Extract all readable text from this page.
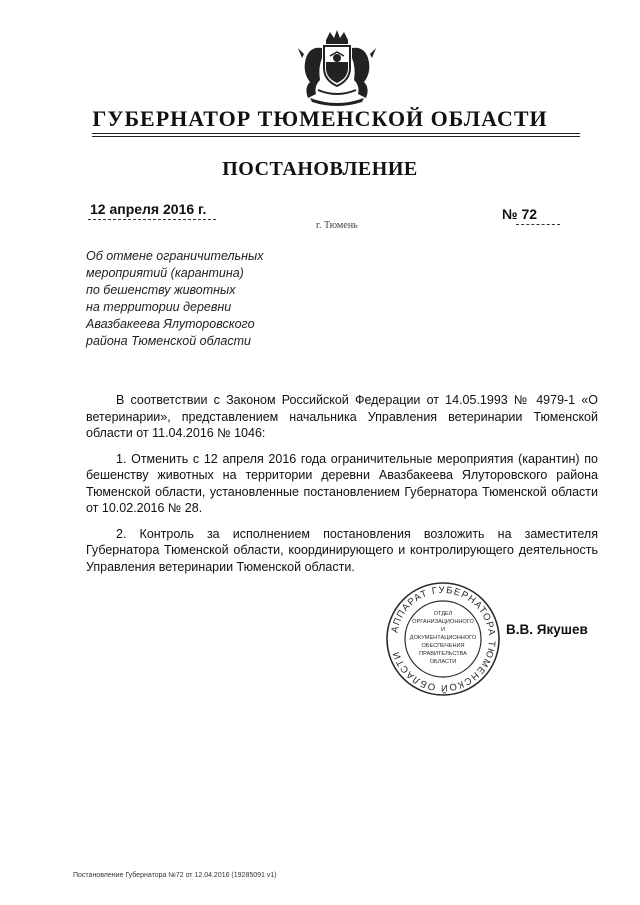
ГУБЕРНАТОР ТЮМЕНСКОЙ ОБЛАСТИ
ПОСТАНОВЛЕНИЕ
12 апреля 2016 г.	№ 72
г. Тюмень
Об отмене ограничительных
мероприятий (карантина)
по бешенству животных
на территории деревни
Авазбакеева Ялуторовского
района Тюменской области

В соответствии с Законом Российской Федерации от 14.05.1993 № 4979-1 «О ветеринарии», представлением начальника Управления ветеринарии Тюменской области от 11.04.2016 № 1046:

1. Отменить с 12 апреля 2016 года ограничительные мероприятия (карантин) по бешенству животных на территории деревни Авазбакеева Ялуторовского района Тюменской области, установленные постановлением Губернатора Тюменской области от 10.02.2016 № 28.

2. Контроль за исполнением постановления возложить на заместителя Губернатора Тюменской области, координирующего и контролирующего деятельность Управления ветеринарии Тюменской области.

АППАРАТ ГУБЕРНАТОРА ТЮМЕНСКОЙ ОБЛАСТИ
ОТДЕЛ
ОРГАНИЗАЦИОННОГО
И
ДОКУМЕНТАЦИОННОГО
ОБЕСПЕЧЕНИЯ
ПРАВИТЕЛЬСТВА
ОБЛАСТИ
В.В. Якушев
Постановление Губернатора №72 от 12.04.2016 (19285091 v1)
